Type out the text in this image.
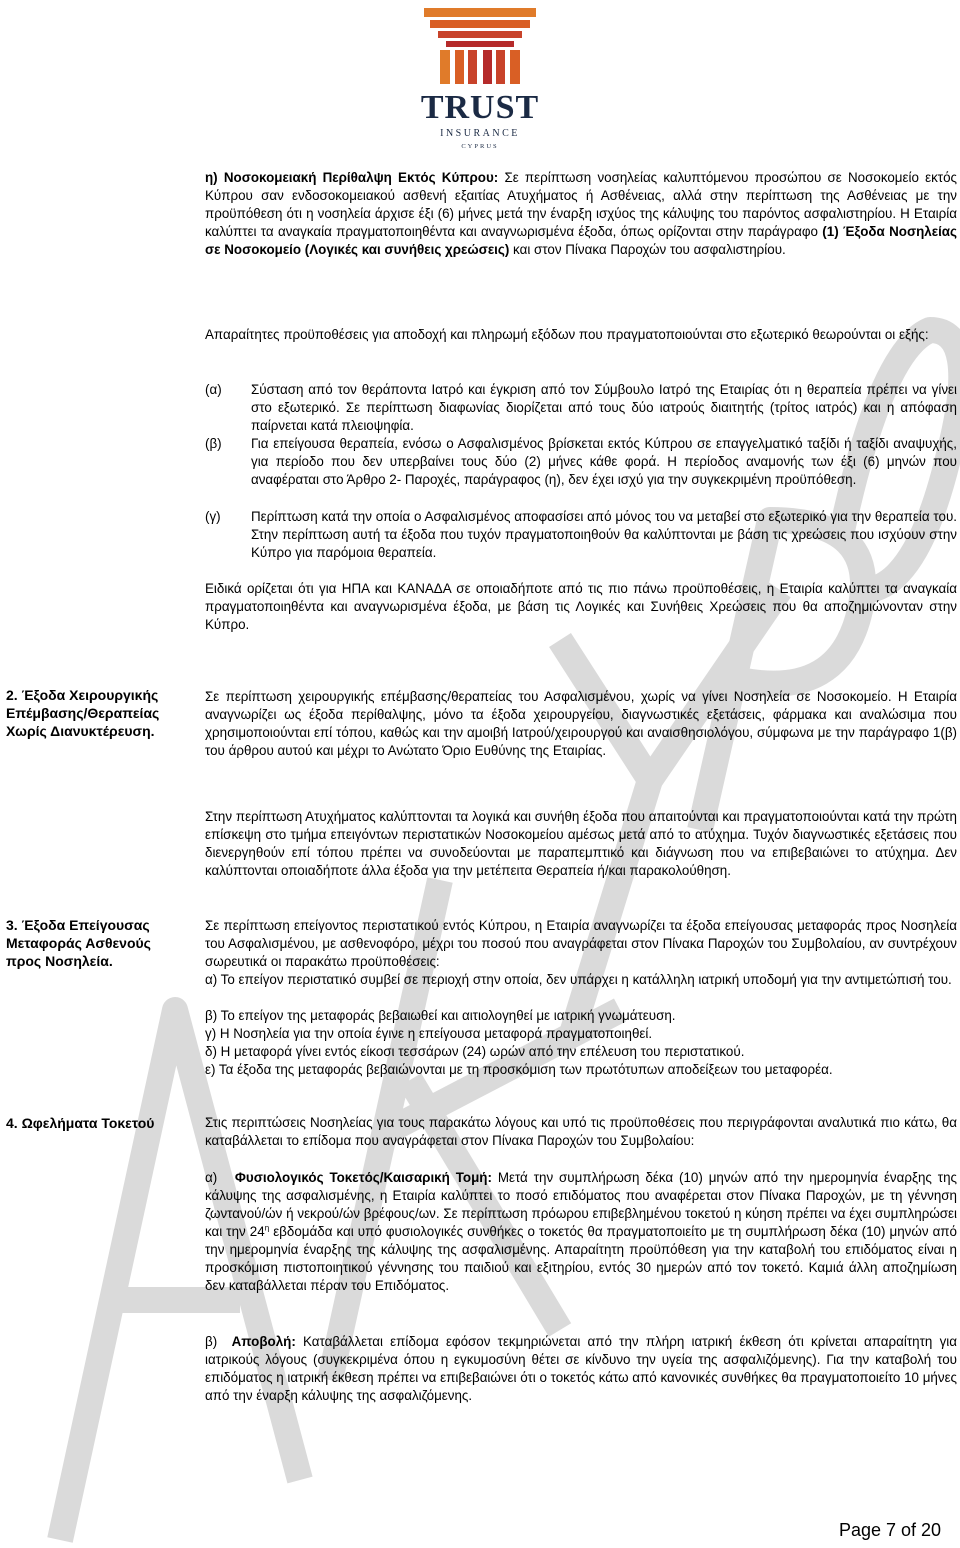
TRUST
INSURANCE
CYPRUS

η) Νοσοκομειακή Περίθαλψη Εκτός Κύπρου: Σε περίπτωση νοσηλείας καλυπτόμενου προσώπου σε Νοσοκομείο εκτός Κύπρου σαν ενδοσοκομειακού ασθενή εξαιτίας Ατυχήματος ή Ασθένειας, αλλά στην περίπτωση της Ασθένειας με την προϋπόθεση ότι η νοσηλεία άρχισε έξι (6) μήνες μετά την έναρξη ισχύος της κάλυψης του παρόντος ασφαλιστηρίου. Η Εταιρία καλύπτει τα αναγκαία πραγματοποιηθέντα και αναγνωρισμένα έξοδα, όπως ορίζονται στην παράγραφο (1) Έξοδα Νοσηλείας σε Νοσοκομείο (Λογικές και συνήθεις χρεώσεις) και στον Πίνακα Παροχών του ασφαλιστηρίου.

Απαραίτητες προϋποθέσεις για αποδοχή και πληρωμή εξόδων που πραγματοποιούνται στο εξωτερικό θεωρούνται οι εξής:

(α) Σύσταση από τον θεράποντα Ιατρό και έγκριση από τον Σύμβουλο Ιατρό της Εταιρίας ότι η θεραπεία πρέπει να γίνει στο εξωτερικό. Σε περίπτωση διαφωνίας διορίζεται από τους δύο ιατρούς διαιτητής (τρίτος ιατρός) και η απόφαση παίρνεται κατά πλειοψηφία.
(β) Για επείγουσα θεραπεία, ενόσω ο Ασφαλισμένος βρίσκεται εκτός Κύπρου σε επαγγελματικό ταξίδι ή ταξίδι αναψυχής, για περίοδο που δεν υπερβαίνει τους δύο (2) μήνες κάθε φορά. Η περίοδος αναμονής των έξι (6) μηνών που αναφέραται στο Άρθρο 2- Παροχές, παράγραφος (η), δεν έχει ισχύ για την συγκεκριμένη προϋπόθεση.
(γ) Περίπτωση κατά την οποία ο Ασφαλισμένος αποφασίσει από μόνος του να μεταβεί στο εξωτερικό για την θεραπεία του. Στην περίπτωση αυτή τα έξοδα που τυχόν πραγματοποιηθούν θα καλύπτονται με βάση τις χρεώσεις που ισχύουν στην Κύπρο για παρόμοια θεραπεία.

Ειδικά ορίζεται ότι για ΗΠΑ και ΚΑΝΑΔΑ σε οποιαδήποτε από τις πιο πάνω προϋποθέσεις, η Εταιρία καλύπτει τα αναγκαία πραγματοποιηθέντα και αναγνωρισμένα έξοδα, με βάση τις Λογικές και Συνήθεις Χρεώσεις που θα αποζημιώνονταν στην Κύπρο.

2. Έξοδα Χειρουργικής Επέμβασης/Θεραπείας Χωρίς Διανυκτέρευση.
3. Έξοδα Επείγουσας Μεταφοράς Ασθενούς προς Νοσηλεία.
4. Ωφελήματα Τοκετού

Σε περίπτωση χειρουργικής επέμβασης/θεραπείας του Ασφαλισμένου, χωρίς να γίνει Νοσηλεία σε Νοσοκομείο. Η Εταιρία αναγνωρίζει ως έξοδα περίθαλψης, μόνο τα έξοδα χειρουργείου, διαγνωστικές εξετάσεις, φάρμακα και αναλώσιμα που χρησιμοποιούνται επί τόπου, καθώς και την αμοιβή Ιατρού/χειρουργού και αναισθησιολόγου, σύμφωνα με την παράγραφο 1(β) του άρθρου αυτού και μέχρι το Ανώτατο Όριο Ευθύνης της Εταιρίας.

Στην περίπτωση Ατυχήματος καλύπτονται τα λογικά και συνήθη έξοδα που απαιτούνται και πραγματοποιούνται κατά την πρώτη επίσκεψη στο τμήμα επειγόντων περιστατικών Νοσοκομείου αμέσως μετά από το ατύχημα. Τυχόν διαγνωστικές εξετάσεις που διενεργηθούν επί τόπου πρέπει να συνοδεύονται με παραπεμπτικό και διάγνωση που να επιβεβαιώνει το ατύχημα. Δεν καλύπτονται οποιαδήποτε άλλα έξοδα για την μετέπειτα Θεραπεία ή/και παρακολούθηση.

Σε περίπτωση επείγοντος περιστατικού εντός Κύπρου, η Εταιρία αναγνωρίζει τα έξοδα επείγουσας μεταφοράς προς Νοσηλεία του Ασφαλισμένου, με ασθενοφόρο, μέχρι του ποσού που αναγράφεται στον Πίνακα Παροχών του Συμβολαίου, αν συντρέχουν σωρευτικά οι παρακάτω προϋποθέσεις:

α) Το επείγον περιστατικό συμβεί σε περιοχή στην οποία, δεν υπάρχει η κατάλληλη ιατρική υποδομή για την αντιμετώπισή του.
β) Το επείγον της μεταφοράς βεβαιωθεί και αιτιολογηθεί με ιατρική γνωμάτευση.
γ) Η Νοσηλεία για την οποία έγινε η επείγουσα μεταφορά πραγματοποιηθεί.
δ) Η μεταφορά γίνει εντός είκοσι τεσσάρων (24) ωρών από την επέλευση του περιστατικού.
ε) Τα έξοδα της μεταφοράς βεβαιώνονται με τη προσκόμιση των πρωτότυπων αποδείξεων του μεταφορέα.

Στις περιπτώσεις Νοσηλείας για τους παρακάτω λόγους και υπό τις προϋποθέσεις που περιγράφονται αναλυτικά πιο κάτω, θα καταβάλλεται το επίδομα που αναγράφεται στον Πίνακα Παροχών του Συμβολαίου:

α) Φυσιολογικός Τοκετός/Καισαρική Τομή: Μετά την συμπλήρωση δέκα (10) μηνών από την ημερομηνία έναρξης της κάλυψης της ασφαλισμένης, η Εταιρία καλύπτει το ποσό επιδόματος που αναφέρεται στον Πίνακα Παροχών, με τη γέννηση ζωντανού/ών ή νεκρού/ών βρέφους/ων. Σε περίπτωση πρόωρου επιβεβλημένου τοκετού η κύηση πρέπει να έχει συμπληρώσει και την $24^\eta$ εβδομάδα και υπό φυσιολογικές συνθήκες ο τοκετός θα πραγματοποιείτο με τη συμπλήρωση δέκα (10) μηνών από την ημερομηνία έναρξης της κάλυψης της ασφαλισμένης. Απαραίτητη προϋπόθεση για την καταβολή του επιδόματος είναι η προσκόμιση πιστοποιητικού γέννησης του παιδιού και εξιτηρίου, εντός 30 ημερών από τον τοκετό. Καμιά άλλη αποζημίωση δεν καταβάλλεται πέραν του Επιδόματος.

β) Αποβολή: Καταβάλλεται επίδομα εφόσον τεκμηριώνεται από την πλήρη ιατρική έκθεση ότι κρίνεται απαραίτητη για ιατρικούς λόγους (συγκεκριμένα όπου η εγκυμοσύνη θέτει σε κίνδυνο την υγεία της ασφαλιζόμενης). Για την καταβολή του επιδόματος η ιατρική έκθεση πρέπει να επιβεβαιώνει ότι ο τοκετός κάτω από κανονικές συνθήκες θα πραγματοποιείτο 10 μήνες από την έναρξη κάλυψης της ασφαλιζόμενης.

Page 7 of 20
